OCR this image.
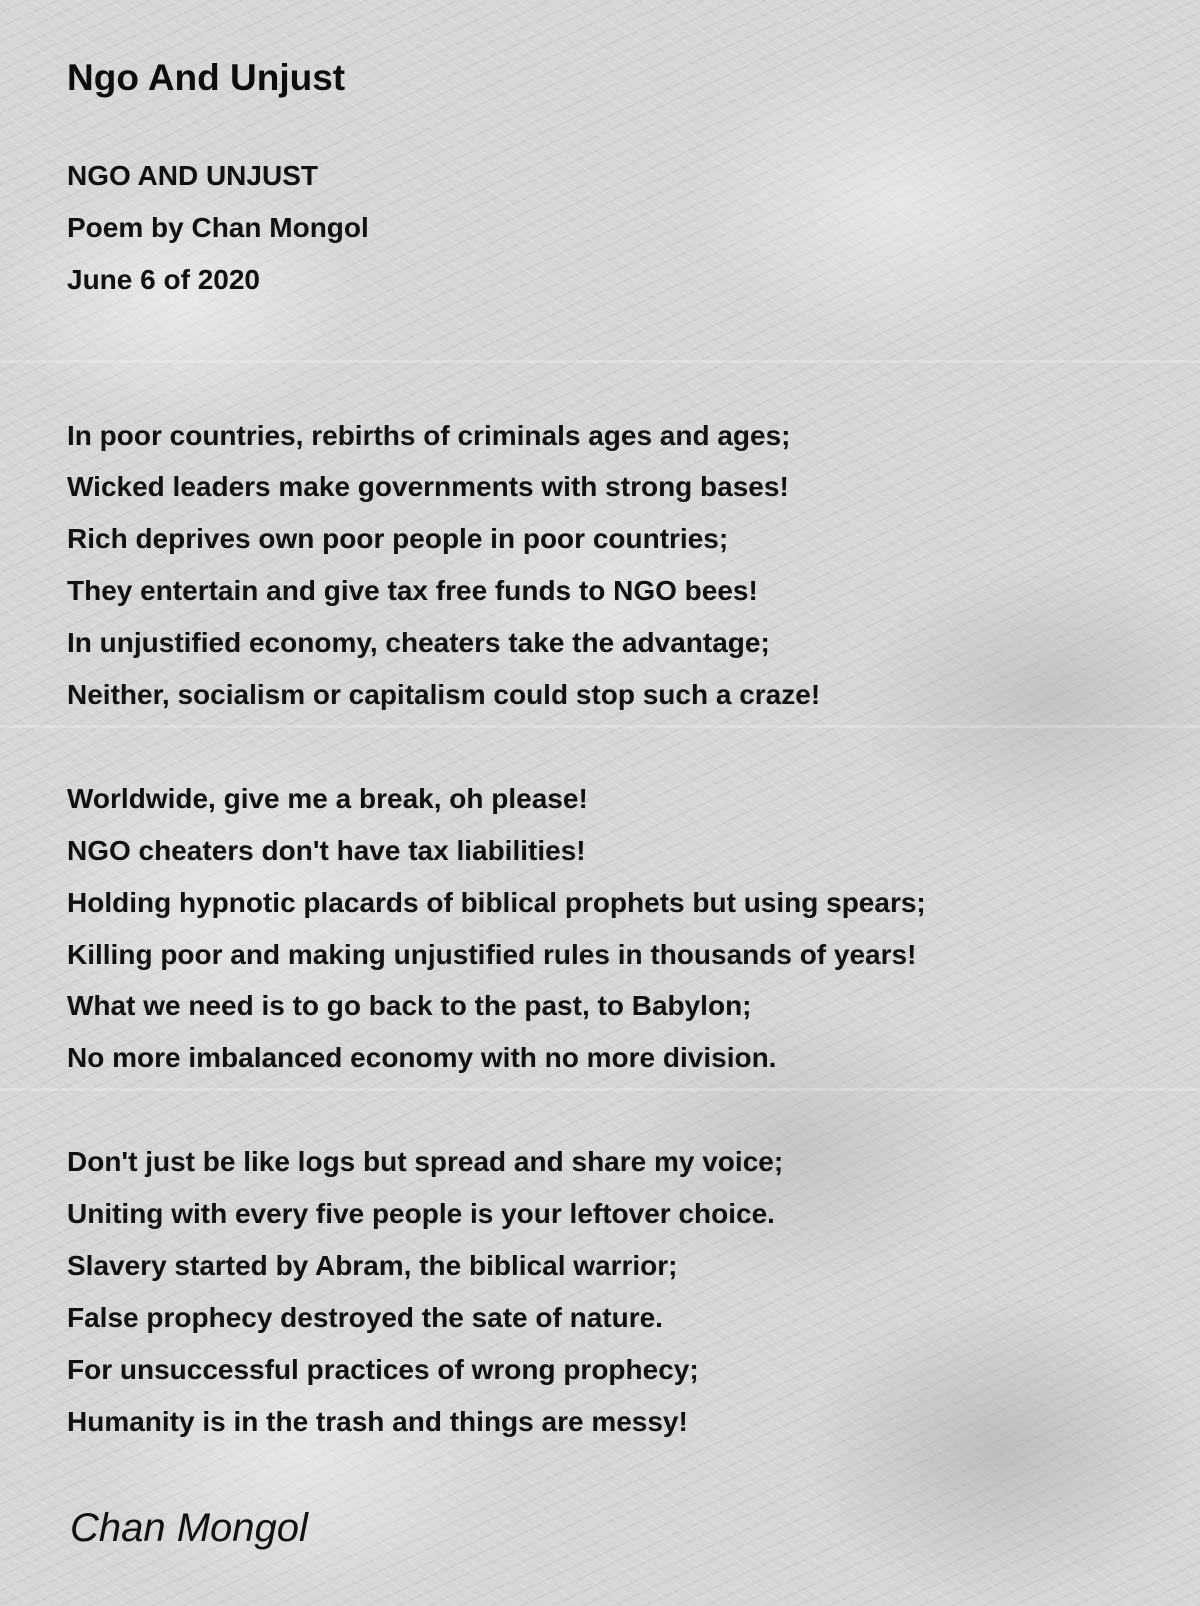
Ngo And Unjust
NGO AND UNJUST
Poem by Chan Mongol
June 6 of 2020
In poor countries, rebirths of criminals ages and ages;
Wicked leaders make governments with strong bases!
Rich deprives own poor people in poor countries;
They entertain and give tax free funds to NGO bees!
In unjustified economy, cheaters take the advantage;
Neither, socialism or capitalism could stop such a craze!
Worldwide, give me a break, oh please!
NGO cheaters don't have tax liabilities!
Holding hypnotic placards of biblical prophets but using spears;
Killing poor and making unjustified rules in thousands of years!
What we need is to go back to the past, to Babylon;
No more imbalanced economy with no more division.
Don't just be like logs but spread and share my voice;
Uniting with every five people is your leftover choice.
Slavery started by Abram, the biblical warrior;
False prophecy destroyed the sate of nature.
For unsuccessful practices of wrong prophecy;
Humanity is in the trash and things are messy!
Chan Mongol
